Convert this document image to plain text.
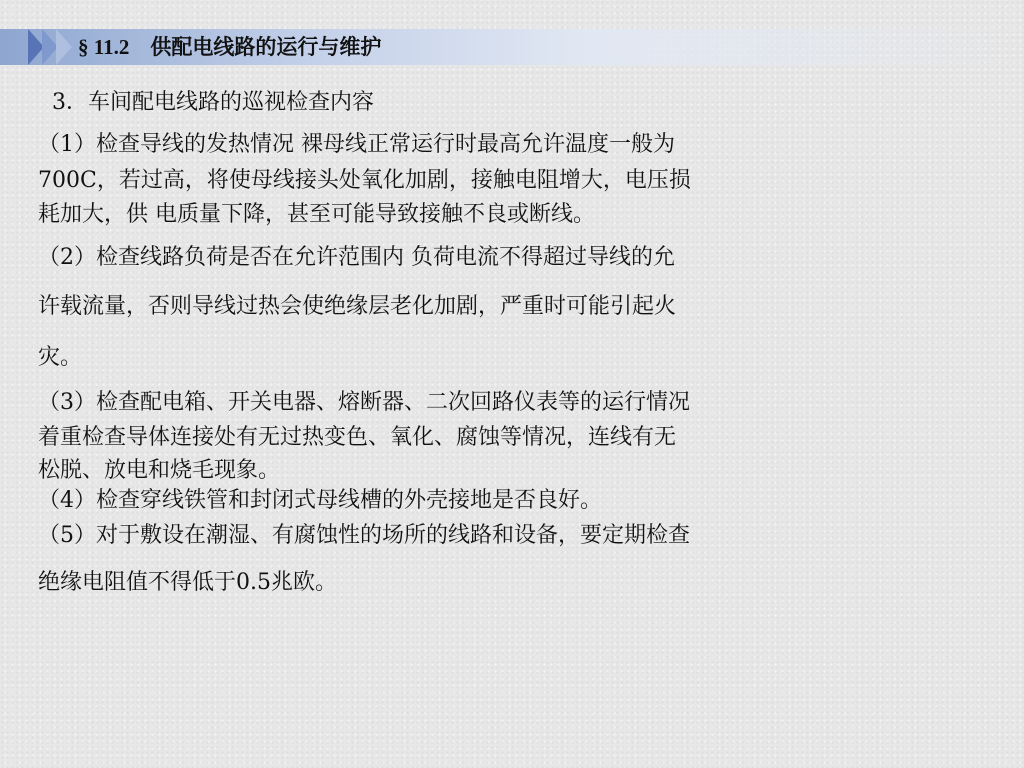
§ 11.2    供配电线路的运行与维护
3．车间配电线路的巡视检查内容
（1）检查导线的发热情况 裸母线正常运行时最高允许温度一般为
700C，若过高，将使母线接头处氧化加剧，接触电阻增大，电压损
耗加大，供 电质量下降，甚至可能导致接触不良或断线。
（2）检查线路负荷是否在允许范围内 负荷电流不得超过导线的允
许载流量，否则导线过热会使绝缘层老化加剧，严重时可能引起火
灾。
（3）检查配电箱、开关电器、熔断器、二次回路仪表等的运行情况
着重检查导体连接处有无过热变色、氧化、腐蚀等情况，连线有无
松脱、放电和烧毛现象。
（4）检查穿线铁管和封闭式母线槽的外壳接地是否良好。
（5）对于敷设在潮湿、有腐蚀性的场所的线路和设备，要定期检查
绝缘电阻值不得低于0.5兆欧。
